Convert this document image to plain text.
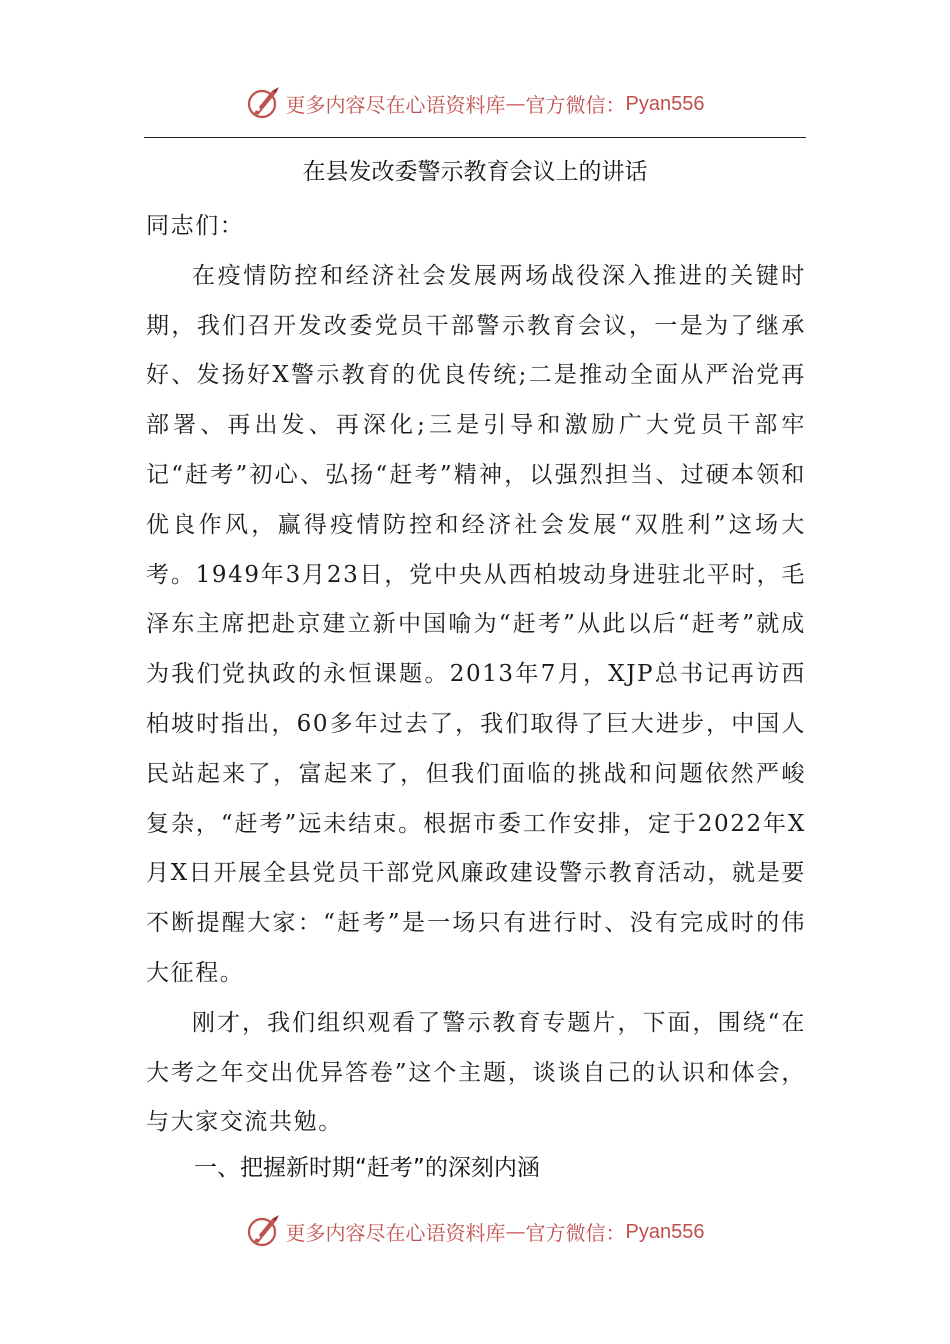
更多内容尽在心语资料库 — 官方微信： Pyan556
在县发改委警示教育会议上的讲话

同志们：

在疫情防控和经济社会发展两场战役深入推进的关键时期，我们召开发改委党员干部警示教育会议，一是为了继承好、发扬好X警示教育的优良传统;二是推动全面从严治党再部署、再出发、再深化;三是引导和激励广大党员干部牢记“赶考”初心、弘扬“赶考”精神，以强烈担当、过硬本领和优良作风，赢得疫情防控和经济社会发展“双胜利”这场大考。1949年3月23日，党中央从西柏坡动身进驻北平时，毛泽东主席把赴京建立新中国喻为“赶考”从此以后“赶考”就成为我们党执政的永恒课题。2013年7月，XJP总书记再访西柏坡时指出，60多年过去了，我们取得了巨大进步，中国人民站起来了，富起来了，但我们面临的挑战和问题依然严峻复杂，“赶考”远未结束。根据市委工作安排，定于2022年X月X日开展全县党员干部党风廉政建设警示教育活动，就是要不断提醒大家：“赶考”是一场只有进行时、没有完成时的伟大征程。

刚才，我们组织观看了警示教育专题片，下面，围绕“在大考之年交出优异答卷”这个主题，谈谈自己的认识和体会，与大家交流共勉。

一、把握新时期“赶考”的深刻内涵
更多内容尽在心语资料库 — 官方微信： Pyan556
